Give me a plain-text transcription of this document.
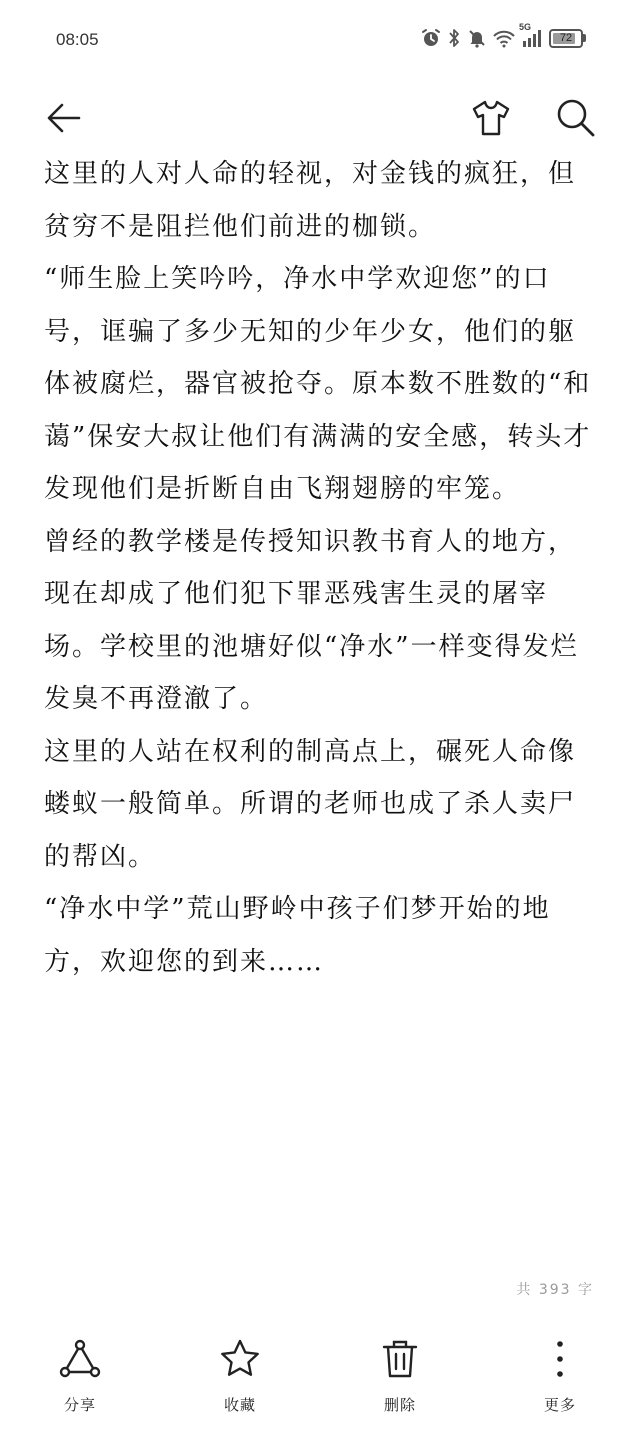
08:05
5G
72

这里的人对人命的轻视，对金钱的疯狂，但贫穷不是阻拦他们前进的枷锁。

“师生脸上笑吟吟，净水中学欢迎您”的口号，诓骗了多少无知的少年少女，他们的躯体被腐烂，器官被抢夺。原本数不胜数的“和蔼”保安大叔让他们有满满的安全感，转头才发现他们是折断自由飞翔翅膀的牢笼。

曾经的教学楼是传授知识教书育人的地方，现在却成了他们犯下罪恶残害生灵的屠宰场。学校里的池塘好似“净水”一样变得发烂发臭不再澄澈了。

这里的人站在权利的制高点上，碾死人命像蝼蚁一般简单。所谓的老师也成了杀人卖尸的帮凶。

“净水中学”荒山野岭中孩子们梦开始的地方，欢迎您的到来……

共 393 字
分享	收藏	删除	更多
